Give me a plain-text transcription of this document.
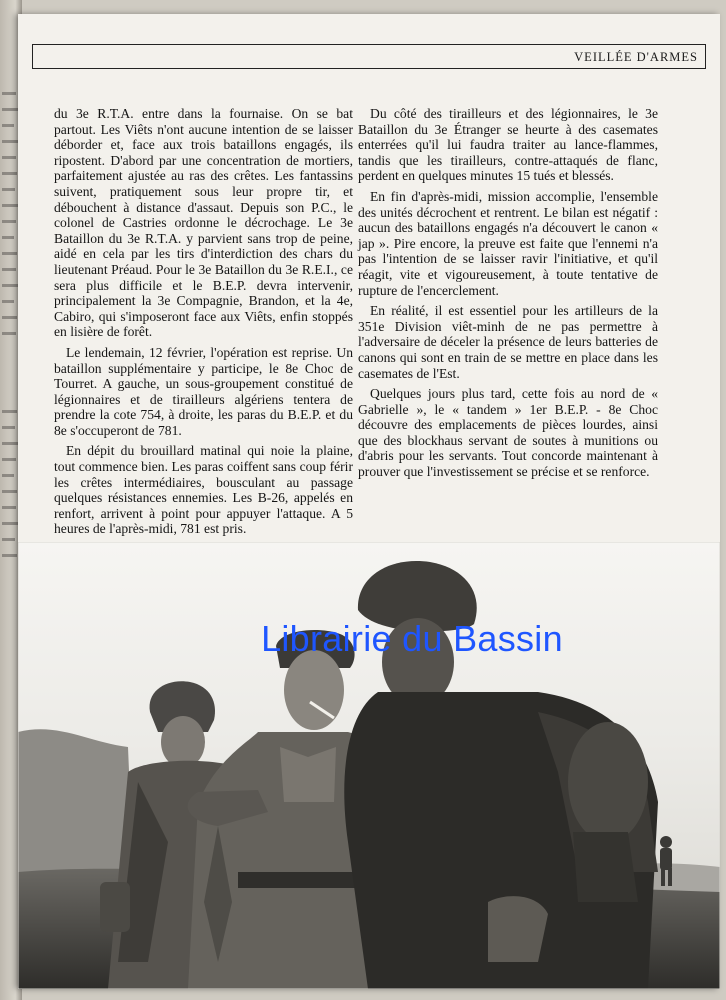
VEILLÉE D'ARMES

du 3e R.T.A. entre dans la fournaise. On se bat partout. Les Viêts n'ont aucune intention de se laisser déborder et, face aux trois bataillons engagés, ils ripostent. D'abord par une concentration de mortiers, parfaitement ajustée au ras des crêtes. Les fantassins suivent, pratiquement sous leur propre tir, et débouchent à distance d'assaut. Depuis son P.C., le colonel de Castries ordonne le décrochage. Le 3e Bataillon du 3e R.T.A. y parvient sans trop de peine, aidé en cela par les tirs d'interdiction des chars du lieutenant Préaud. Pour le 3e Bataillon du 3e R.E.I., ce sera plus difficile et le B.E.P. devra intervenir, principalement la 3e Compagnie, Brandon, et la 4e, Cabiro, qui s'imposeront face aux Viêts, enfin stoppés en lisière de forêt.

Le lendemain, 12 février, l'opération est reprise. Un bataillon supplémentaire y participe, le 8e Choc de Tourret. A gauche, un sous-groupement constitué de légionnaires et de tirailleurs algériens tentera de prendre la cote 754, à droite, les paras du B.E.P. et du 8e s'occuperont de 781.

En dépit du brouillard matinal qui noie la plaine, tout commence bien. Les paras coiffent sans coup férir les crêtes intermédiaires, bousculant au passage quelques résistances ennemies. Les B-26, appelés en renfort, arrivent à point pour appuyer l'attaque. A 5 heures de l'après-midi, 781 est pris.

Du côté des tirailleurs et des légionnaires, le 3e Bataillon du 3e Étranger se heurte à des casemates enterrées qu'il lui faudra traiter au lance-flammes, tandis que les tirailleurs, contre-attaqués de flanc, perdent en quelques minutes 15 tués et blessés.

En fin d'après-midi, mission accomplie, l'ensemble des unités décrochent et rentrent. Le bilan est négatif : aucun des bataillons engagés n'a découvert le canon « jap ». Pire encore, la preuve est faite que l'ennemi n'a pas l'intention de se laisser ravir l'initiative, et qu'il réagit, vite et vigoureusement, à toute tentative de rupture de l'encerclement.

En réalité, il est essentiel pour les artilleurs de la 351e Division viêt-minh de ne pas permettre à l'adversaire de déceler la présence de leurs batteries de canons qui sont en train de se mettre en place dans les casemates de l'Est.

Quelques jours plus tard, cette fois au nord de « Gabrielle », le « tandem » 1er B.E.P. - 8e Choc découvre des emplacements de pièces lourdes, ainsi que des blockhaus servant de soutes à munitions ou d'abris pour les servants. Tout concorde maintenant à prouver que l'investissement se précise et se renforce.

Librairie du Bassin
